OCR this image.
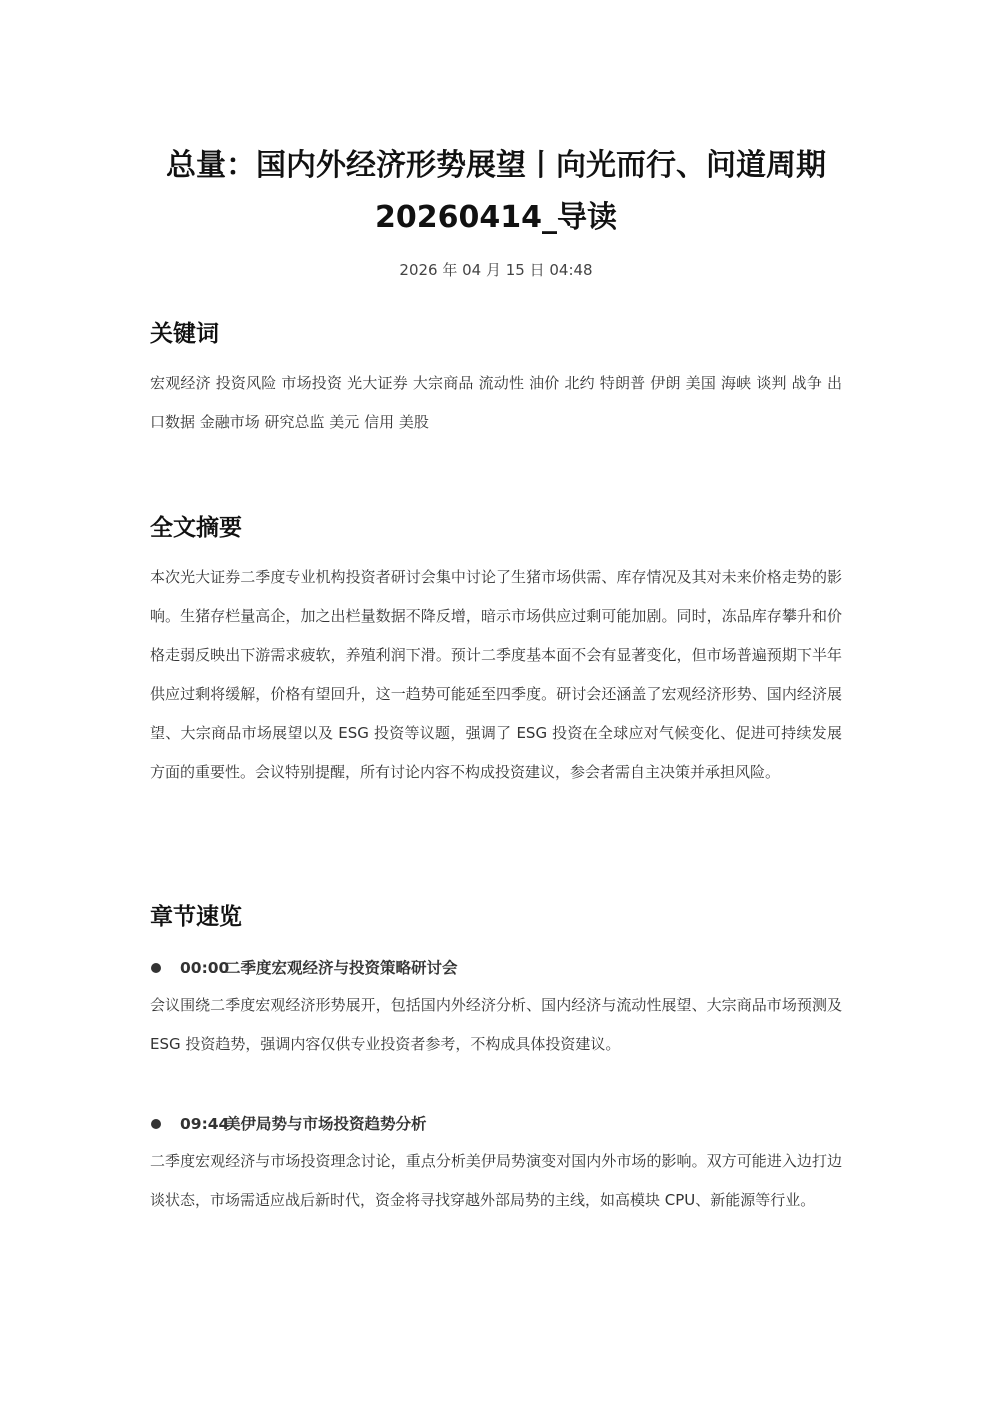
总量：国内外经济形势展望丨向光而行、问道周期
20260414_导读
2026 年 04 月 15 日 04:48
关键词
宏观经济 投资风险 市场投资 光大证券 大宗商品 流动性 油价 北约 特朗普 伊朗 美国 海峡 谈判 战争 出口数据 金融市场 研究总监 美元 信用 美股
全文摘要
本次光大证券二季度专业机构投资者研讨会集中讨论了生猪市场供需、库存情况及其对未来价格走势的影响。生猪存栏量高企，加之出栏量数据不降反增，暗示市场供应过剩可能加剧。同时，冻品库存攀升和价格走弱反映出下游需求疲软，养殖利润下滑。预计二季度基本面不会有显著变化，但市场普遍预期下半年供应过剩将缓解，价格有望回升，这一趋势可能延至四季度。研讨会还涵盖了宏观经济形势、国内经济展望、大宗商品市场展望以及 ESG 投资等议题，强调了 ESG 投资在全球应对气候变化、促进可持续发展方面的重要性。会议特别提醒，所有讨论内容不构成投资建议，参会者需自主决策并承担风险。
章节速览
00:00
二季度宏观经济与投资策略研讨会
会议围绕二季度宏观经济形势展开，包括国内外经济分析、国内经济与流动性展望、大宗商品市场预测及 ESG 投资趋势，强调内容仅供专业投资者参考，不构成具体投资建议。
09:44
美伊局势与市场投资趋势分析
二季度宏观经济与市场投资理念讨论，重点分析美伊局势演变对国内外市场的影响。双方可能进入边打边谈状态，市场需适应战后新时代，资金将寻找穿越外部局势的主线，如高模块 CPU、新能源等行业。
